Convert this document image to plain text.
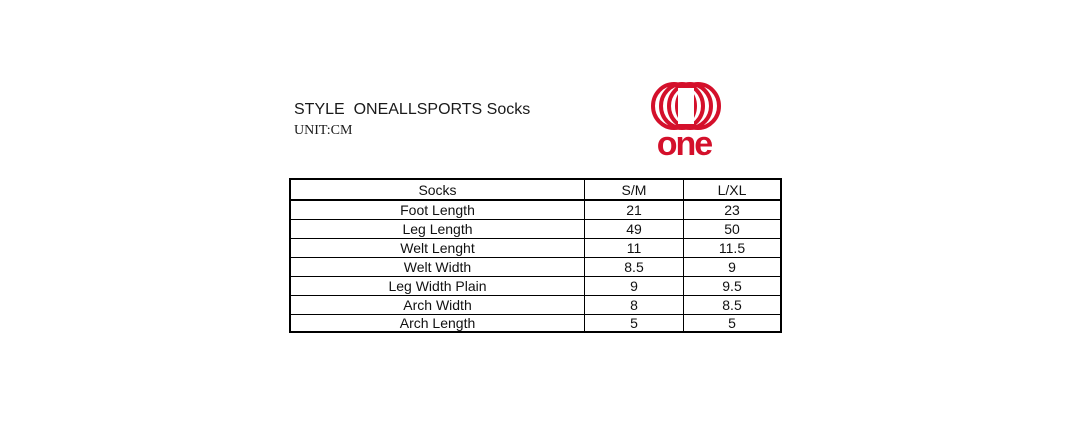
STYLE  ONEALLSPORTS Socks
UNIT:CM	one
Socks	S/M	L/XL
Foot Length	21	23
Leg Length	49	50
Welt Lenght	11	11.5
Welt Width	8.5	9
Leg Width Plain	9	9.5
Arch Width	8	8.5
Arch Length	5	5
